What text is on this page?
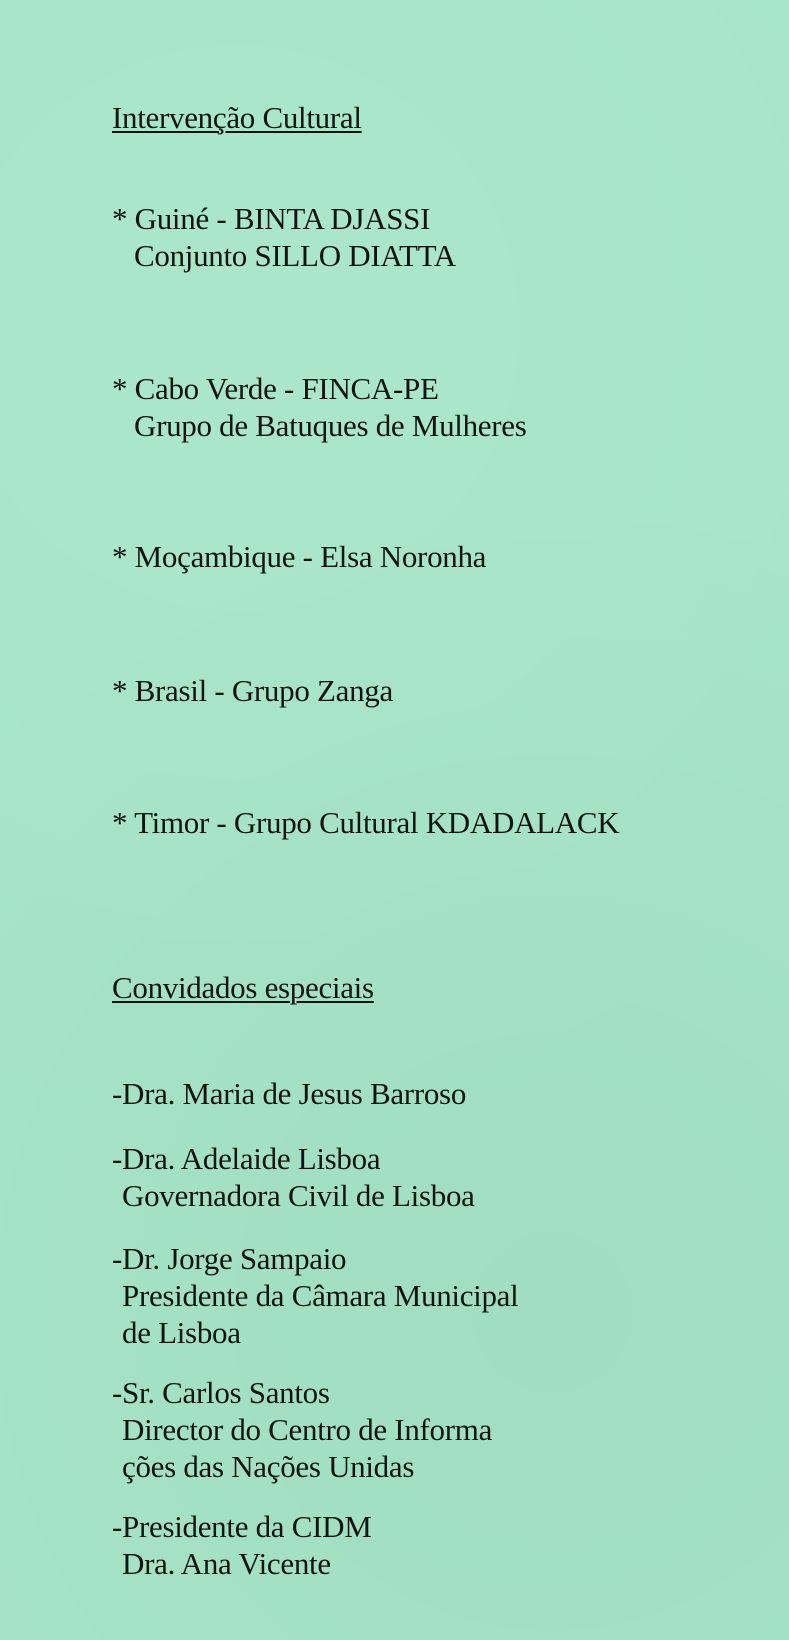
Intervenção Cultural
* Guiné - BINTA DJASSI
Conjunto SILLO DIATTA
* Cabo Verde - FINCA-PE
Grupo de Batuques de Mulheres
* Moçambique - Elsa Noronha
* Brasil - Grupo Zanga
* Timor - Grupo Cultural KDADALACK
Convidados especiais
-Dra. Maria de Jesus Barroso
-Dra. Adelaide Lisboa
Governadora Civil de Lisboa
-Dr. Jorge Sampaio
Presidente da Câmara Municipal
de Lisboa
-Sr. Carlos Santos
Director do Centro de Informa
ções das Nações Unidas
-Presidente da CIDM
Dra. Ana Vicente
